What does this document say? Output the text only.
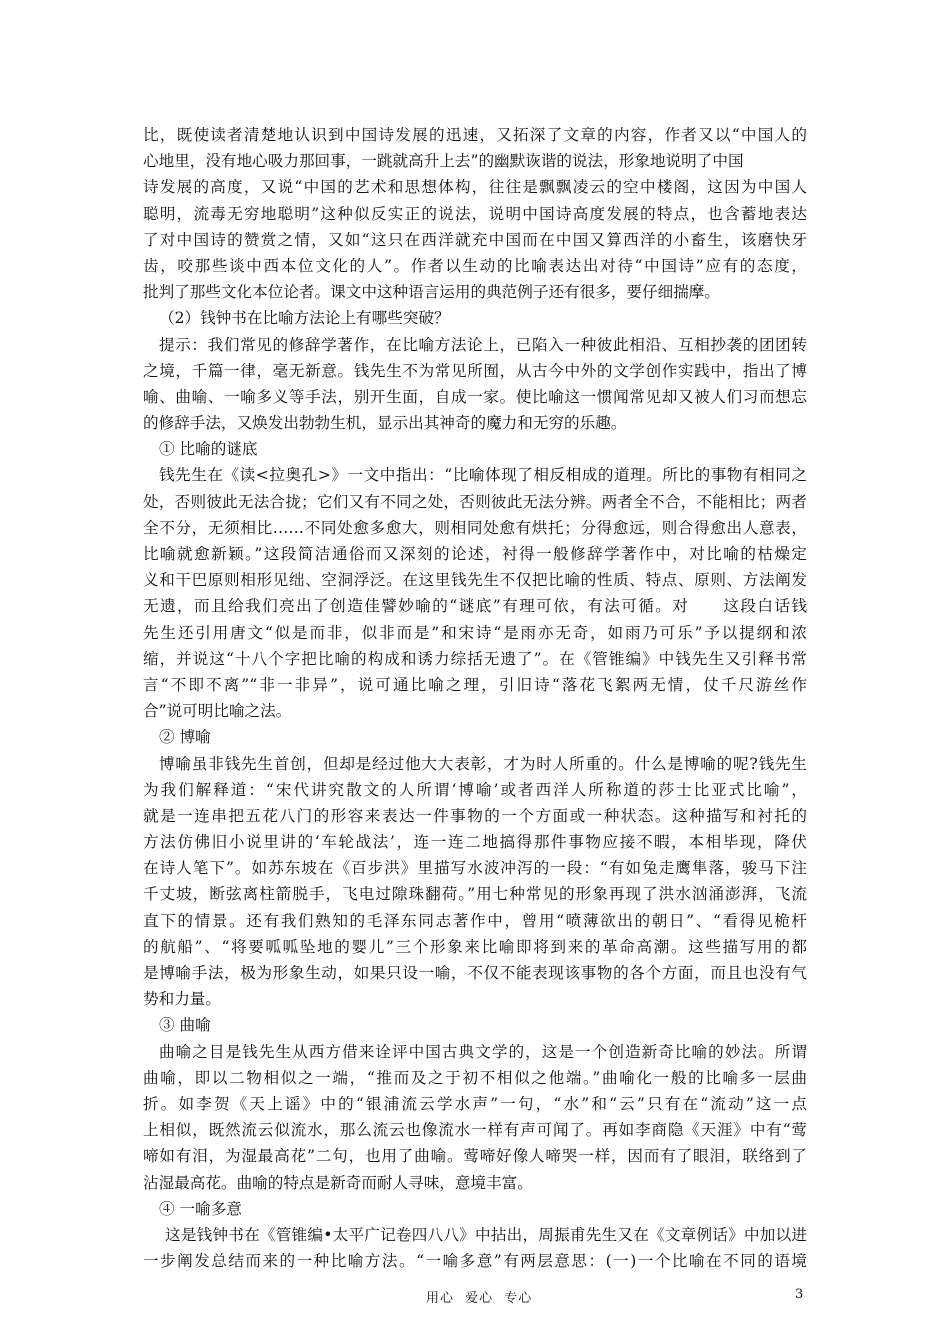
比，既使读者清楚地认识到中国诗发展的迅速，又拓深了文章的内容，作者又以“中国人的
心地里，没有地心吸力那回事，一跳就高升上去”的幽默诙谐的说法，形象地说明了中国
诗发展的高度，又说“中国的艺术和思想体构，往往是飘飘凌云的空中楼阁，这因为中国人
聪明，流毒无穷地聪明”这种似反实正的说法，说明中国诗高度发展的特点，也含蓄地表达
了对中国诗的赞赏之情，又如“这只在西洋就充中国而在中国又算西洋的小畜生，该磨快牙
齿，咬那些谈中西本位文化的人”。作者以生动的比喻表达出对待“中国诗”应有的态度，
批判了那些文化本位论者。课文中这种语言运用的典范例子还有很多，要仔细揣摩。
（2）钱钟书在比喻方法论上有哪些突破？
提示：我们常见的修辞学著作，在比喻方法论上，已陷入一种彼此相沿、互相抄袭的团团转
之境，千篇一律，毫无新意。钱先生不为常见所囿，从古今中外的文学创作实践中，指出了博
喻、曲喻、一喻多义等手法，别开生面，自成一家。使比喻这一惯闻常见却又被人们习而想忘
的修辞手法，又焕发出勃勃生机，显示出其神奇的魔力和无穷的乐趣。
① 比喻的谜底
钱先生在《读<拉奥孔>》一文中指出：“比喻体现了相反相成的道理。所比的事物有相同之
处，否则彼此无法合拢；它们又有不同之处，否则彼此无法分辨。两者全不合，不能相比；两者
全不分，无须相比……不同处愈多愈大，则相同处愈有烘托；分得愈远，则合得愈出人意表，
比喻就愈新颖。”这段简洁通俗而又深刻的论述，衬得一般修辞学著作中，对比喻的枯燥定
义和干巴原则相形见绌、空洞浮泛。在这里钱先生不仅把比喻的性质、特点、原则、方法阐发
无遗，而且给我们亮出了创造佳譬妙喻的“谜底”有理可依，有法可循。对　　这段白话钱
先生还引用唐文“似是而非，似非而是”和宋诗“是雨亦无奇，如雨乃可乐”予以提纲和浓
缩，并说这“十八个字把比喻的构成和诱力综括无遗了”。在《管锥编》中钱先生又引释书常
言“不即不离”“非一非异”，说可通比喻之理，引旧诗“落花飞絮两无情，仗千尺游丝作
合”说可明比喻之法。
② 博喻
博喻虽非钱先生首创，但却是经过他大大表彰，才为时人所重的。什么是博喻的呢?钱先生
为我们解释道：“宋代讲究散文的人所谓‘博喻’或者西洋人所称道的莎士比亚式比喻”，
就是一连串把五花八门的形容来表达一件事物的一个方面或一种状态。这种描写和衬托的
方法仿佛旧小说里讲的‘车轮战法’，连一连二地搞得那件事物应接不暇，本相毕现，降伏
在诗人笔下”。如苏东坡在《百步洪》里描写水波冲泻的一段：“有如兔走鹰隼落，骏马下注
千丈坡，断弦离柱箭脱手，飞电过隙珠翻荷。”用七种常见的形象再现了洪水汹涌澎湃，飞流
直下的情景。还有我们熟知的毛泽东同志著作中，曾用“喷薄欲出的朝日”、“看得见桅杆
的航船”、“将要呱呱坠地的婴儿”三个形象来比喻即将到来的革命高潮。这些描写用的都
是博喻手法，极为形象生动，如果只设一喻，不仅不能表现该事物的各个方面，而且也没有气
势和力量。
③ 曲喻
曲喻之目是钱先生从西方借来诠评中国古典文学的，这是一个创造新奇比喻的妙法。所谓
曲喻，即以二物相似之一端，“推而及之于初不相似之他端。”曲喻化一般的比喻多一层曲
折。如李贺《天上谣》中的“银浦流云学水声”一句，“水”和“云”只有在“流动”这一点
上相似，既然流云似流水，那么流云也像流水一样有声可闻了。再如李商隐《天涯》中有“莺
啼如有泪，为湿最高花”二句，也用了曲喻。莺啼好像人啼哭一样，因而有了眼泪，联络到了
沾湿最高花。曲喻的特点是新奇而耐人寻味，意境丰富。
④ 一喻多意
这是钱钟书在《管锥编•太平广记卷四八八》中拈出，周振甫先生又在《文章例话》中加以进
一步阐发总结而来的一种比喻方法。“一喻多意”有两层意思：(一)一个比喻在不同的语境
用心 爱心 专心	3
